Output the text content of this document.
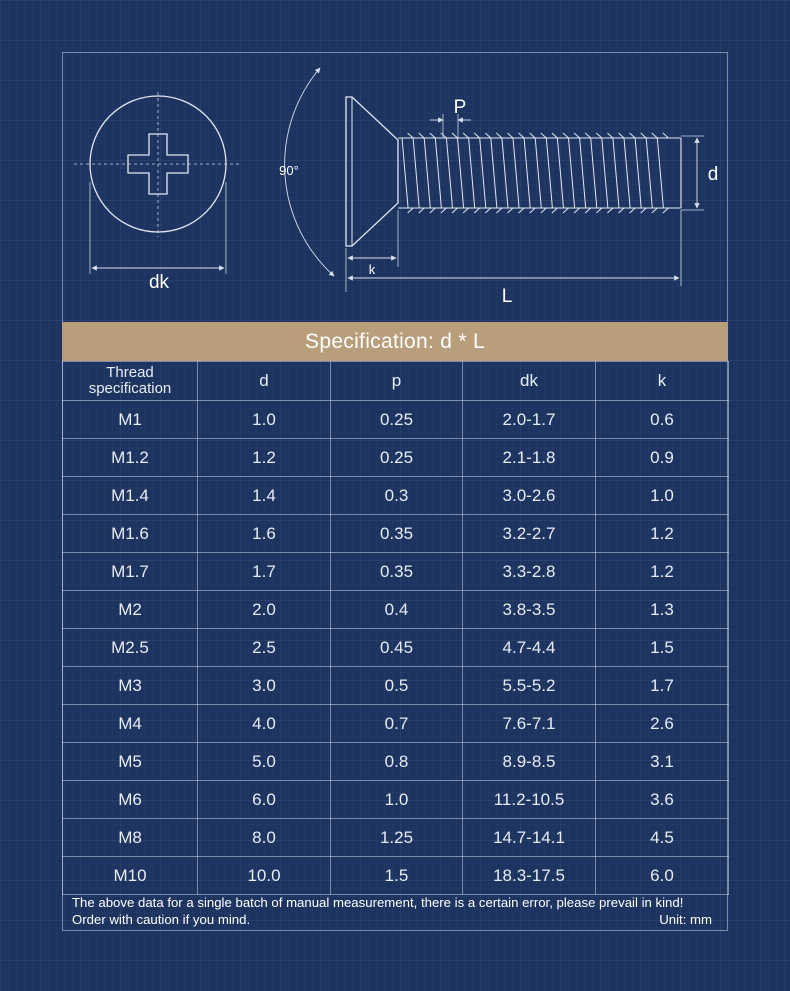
dk
90°
P
d
k
L
Specification: d * L
Thread specification	d	p	dk	k
M1	1.0	0.25	2.0-1.7	0.6
M1.2	1.2	0.25	2.1-1.8	0.9
M1.4	1.4	0.3	3.0-2.6	1.0
M1.6	1.6	0.35	3.2-2.7	1.2
M1.7	1.7	0.35	3.3-2.8	1.2
M2	2.0	0.4	3.8-3.5	1.3
M2.5	2.5	0.45	4.7-4.4	1.5
M3	3.0	0.5	5.5-5.2	1.7
M4	4.0	0.7	7.6-7.1	2.6
M5	5.0	0.8	8.9-8.5	3.1
M6	6.0	1.0	11.2-10.5	3.6
M8	8.0	1.25	14.7-14.1	4.5
M10	10.0	1.5	18.3-17.5	6.0
The above data for a single batch of manual measurement, there is a certain error, please prevail in kind!
Order with caution if you mind.	Unit: mm
